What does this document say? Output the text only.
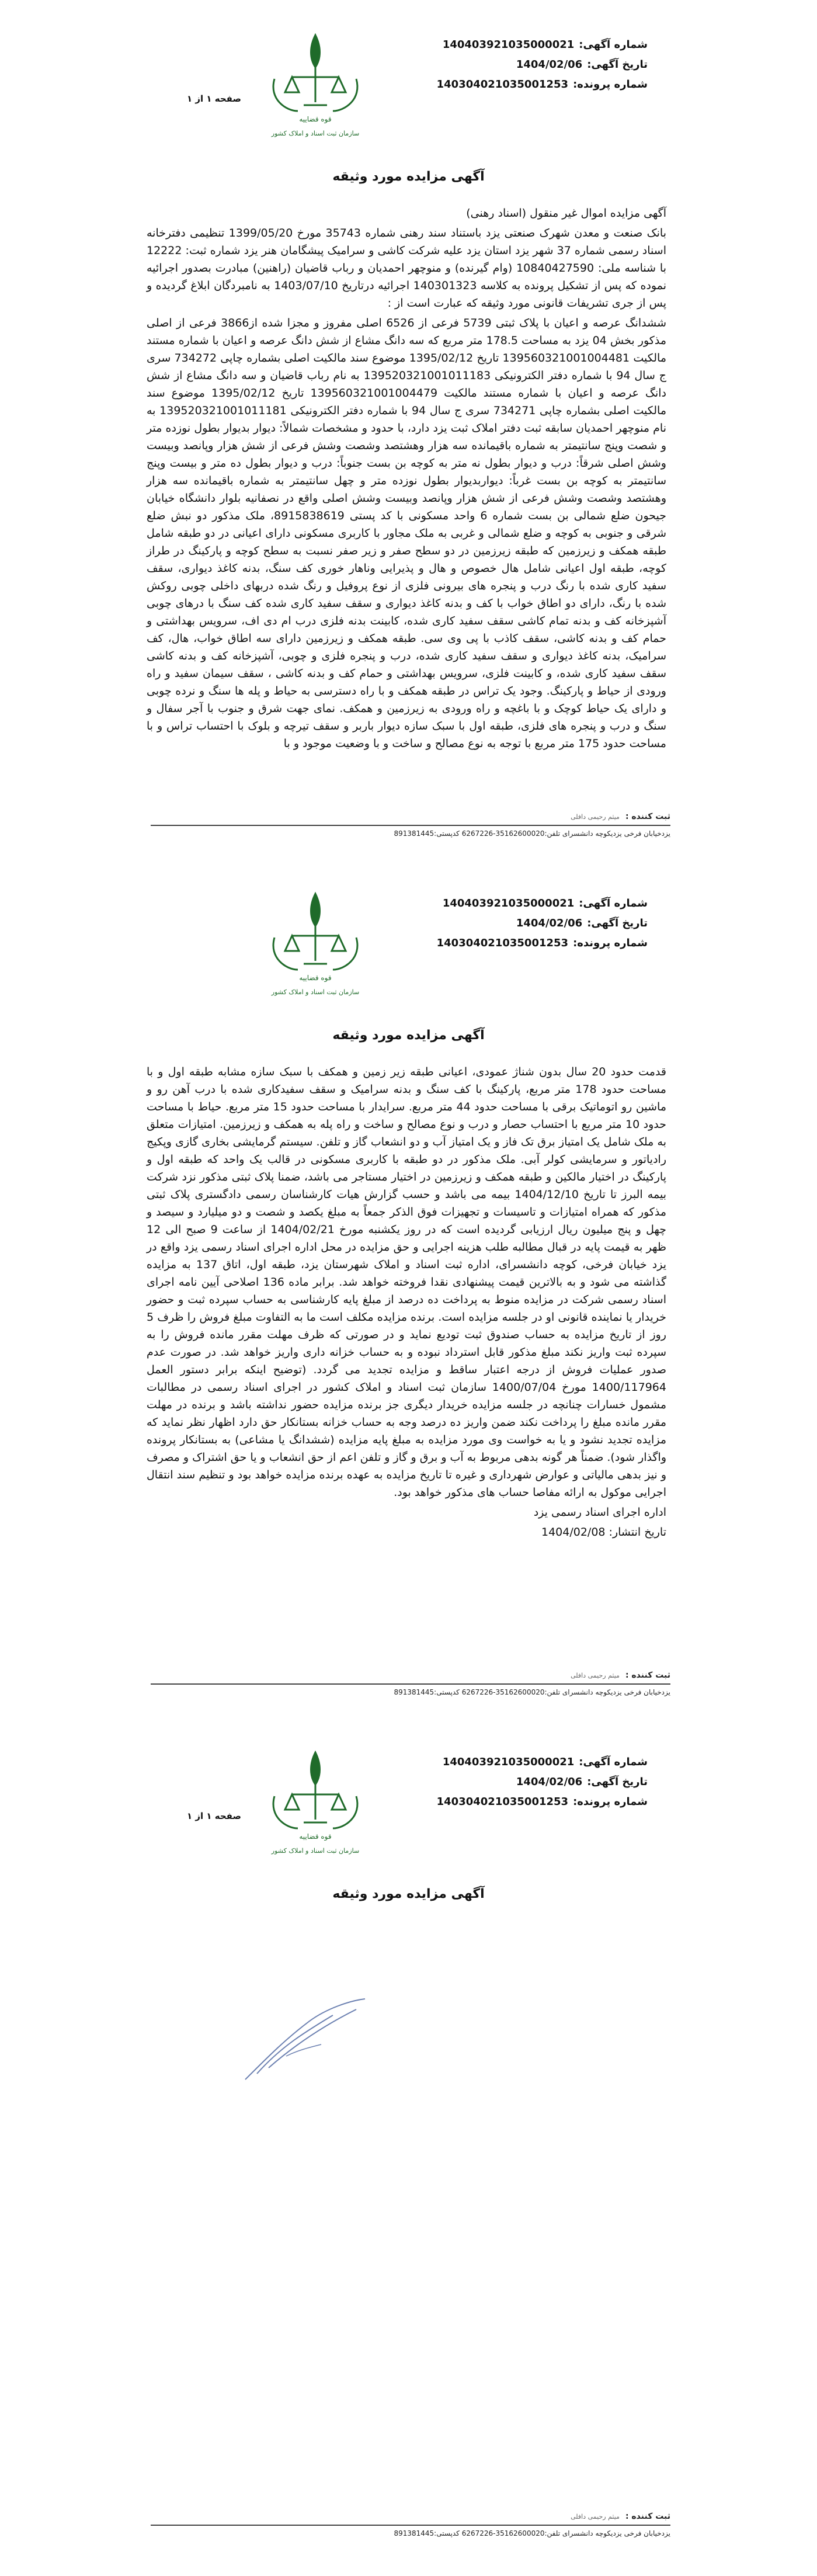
شماره آگهی:140403921035000021
تاریخ آگهی:1404/02/06
شماره پرونده:140304021035001253
قوه قضاییه
سازمان ثبت اسناد و املاک کشور
صفحه ۱ از ۱
آگهی مزایده مورد وثیقه

آگهی مزایده اموال غیر منقول (اسناد رهنی)

بانک صنعت و معدن شهرک صنعتی یزد باستناد سند رهنی شماره 35743 مورخ 1399/05/20 تنظیمی دفترخانه اسناد رسمی شماره 37 شهر یزد استان یزد علیه شرکت کاشی و سرامیک پیشگامان هنر یزد شماره ثبت: 12222 با شناسه ملی: 10840427590 (وام گیرنده) و منوچهر احمدیان و رباب قاضیان (راهنین) مبادرت بصدور اجرائیه نموده که پس از تشکیل پرونده به کلاسه 140301323 اجرائیه درتاریخ 1403/07/10 به نامبردگان ابلاغ گردیده و پس از جری تشریفات قانونی مورد وثیقه که عبارت است از :

ششدانگ عرصه و اعیان با پلاک ثبتی 5739 فرعی از 6526 اصلی مفروز و مجزا شده از3866 فرعی از اصلی مذکور بخش 04 یزد به مساحت 178.5 متر مربع که سه دانگ مشاع از شش دانگ عرصه و اعیان با شماره مستند مالکیت 139560321001004481 تاریخ 1395/02/12 موضوع سند مالکیت اصلی بشماره چاپی 734272 سری ج سال 94 با شماره دفتر الکترونیکی 139520321001011183 به نام رباب قاضیان و سه دانگ مشاع از شش دانگ عرصه و اعیان با شماره مستند مالکیت 139560321001004479 تاریخ 1395/02/12 موضوع سند مالکیت اصلی بشماره چاپی 734271 سری ج سال 94 با شماره دفتر الکترونیکی 139520321001011181 به نام منوچهر احمدیان سابقه ثبت دفتر املاک ثبت یزد دارد، با حدود و مشخصات شمالاً: دیوار بدیوار بطول نوزده متر و شصت وپنج سانتیمتر به شماره باقیمانده سه هزار وهشتصد وشصت وشش فرعی از شش هزار وپانصد وبیست وشش اصلی شرقاً: درب و دیوار بطول نه متر به کوچه بن بست جنوباً: درب و دیوار بطول ده متر و بیست وپنج سانتیمتر به کوچه بن بست غرباً: دیواربدیوار بطول نوزده متر و چهل سانتیمتر به شماره باقیمانده سه هزار وهشتصد وشصت وشش فرعی از شش هزار وپانصد وبیست وشش اصلی واقع در نصفانیه بلوار دانشگاه خیابان جیحون ضلع شمالی بن بست شماره 6 واحد مسکونی با کد پستی 8915838619، ملک مذکور دو نبش ضلع شرقی و جنوبی به کوچه و ضلع شمالی و غربی به ملک مجاور با کاربری مسکونی دارای اعیانی در دو طبقه شامل طبقه همکف و زیرزمین که طبقه زیرزمین در دو سطح صفر و زیر صفر نسبت به سطح کوچه و پارکینگ در طراز کوچه، طبقه اول اعیانی شامل هال خصوص و هال و پذیرایی وناهار خوری کف سنگ، بدنه کاغذ دیواری، سقف سفید کاری شده با رنگ درب و پنجره های بیرونی فلزی از نوع پروفیل و رنگ شده دربهای داخلی چوبی روکش شده با رنگ، دارای دو اطاق خواب با کف و بدنه کاغذ دیواری و سقف سفید کاری شده کف سنگ با درهای چوبی آشپزخانه کف و بدنه تمام کاشی سقف سفید کاری شده، کابینت بدنه فلزی درب ام دی اف، سرویس بهداشتی و حمام کف و بدنه کاشی، سقف کاذب با پی وی سی. طبقه همکف و زیرزمین دارای سه اطاق خواب، هال، کف سرامیک، بدنه کاغذ دیواری و سقف سفید کاری شده، درب و پنجره فلزی و چوبی، آشپزخانه کف و بدنه کاشی سقف سفید کاری شده، و کابینت فلزی، سرویس بهداشتی و حمام کف و بدنه کاشی ، سقف سیمان سفید و راه ورودی از حیاط و پارکینگ. وجود یک تراس در طبقه همکف و با راه دسترسی به حیاط و پله ها سنگ و نرده چوبی و دارای یک حیاط کوچک و با باغچه و راه ورودی به زیرزمین و همکف. نمای جهت شرق و جنوب با آجر سفال و سنگ و درب و پنجره های فلزی، طبقه اول با سبک سازه دیوار باربر و سقف تیرچه و بلوک با احتساب تراس و با مساحت حدود 175 متر مربع با توجه به نوع مصالح و ساخت و با وضعیت موجود و با

ثبت کننده :میثم رحیمی دافلی
یزدخیابان فرخی یزدیکوچه دانشسرای تلفن:35162600020-6267226 کدپستی:891381445
شماره آگهی:140403921035000021
تاریخ آگهی:1404/02/06
شماره پرونده:140304021035001253
قوه قضاییه
سازمان ثبت اسناد و املاک کشور
آگهی مزایده مورد وثیقه

قدمت حدود 20 سال بدون شناژ عمودی، اعیانی طبقه زیر زمین و همکف با سبک سازه مشابه طبقه اول و با مساحت حدود 178 متر مربع، پارکینگ با کف سنگ و بدنه سرامیک و سقف سفیدکاری شده با درب آهن رو و ماشین رو اتوماتیک برقی با مساحت حدود 44 متر مربع. سرایدار با مساحت حدود 15 متر مربع. حیاط با مساحت حدود 10 متر مربع با احتساب حصار و درب و نوع مصالح و ساخت و راه پله به همکف و زیرزمین. امتیازات متعلق به ملک شامل یک امتیاز برق تک فاز و یک امتیاز آب و دو انشعاب گاز و تلفن. سیستم گرمایشی بخاری گازی وپکیج رادیاتور و سرمایشی کولر آبی. ملک مذکور در دو طبقه با کاربری مسکونی در قالب یک واحد که طبقه اول و پارکینگ در اختیار مالکین و طبقه همکف و زیرزمین در اختیار مستاجر می باشد، ضمنا پلاک ثبتی مذکور نزد شرکت بیمه البرز تا تاریخ 1404/12/10 بیمه می باشد و حسب گزارش هیات کارشناسان رسمی دادگستری پلاک ثبتی مذکور که همراه امتیازات و تاسیسات و تجهیزات فوق الذکر جمعاً به مبلغ یکصد و شصت و دو میلیارد و سیصد و چهل و پنج میلیون ریال ارزیابی گردیده است که در روز یکشنبه مورخ 1404/02/21 از ساعت 9 صبح الی 12 ظهر به قیمت پایه در قبال مطالبه طلب هزینه اجرایی و حق مزایده در محل اداره اجرای اسناد رسمی یزد واقع در یزد خیابان فرخی، کوچه دانشسرای، اداره ثبت اسناد و املاک شهرستان یزد، طبقه اول، اتاق 137 به مزایده گذاشته می شود و به بالاترین قیمت پیشنهادی نقدا فروخته خواهد شد. برابر ماده 136 اصلاحی آیین نامه اجرای اسناد رسمی شرکت در مزایده منوط به پرداخت ده درصد از مبلغ پایه کارشناسی به حساب سپرده ثبت و حضور خریدار یا نماینده قانونی او در جلسه مزایده است. برنده مزایده مکلف است ما به التفاوت مبلغ فروش را ظرف 5 روز از تاریخ مزایده به حساب صندوق ثبت تودیع نماید و در صورتی که ظرف مهلت مقرر مانده فروش را به سپرده ثبت واریز نکند مبلغ مذکور قابل استرداد نبوده و به حساب خزانه داری واریز خواهد شد. در صورت عدم صدور عملیات فروش از درجه اعتبار ساقط و مزایده تجدید می گردد. (توضیح اینکه برابر دستور العمل 1400/117964 مورخ 1400/07/04 سازمان ثبت اسناد و املاک کشور در اجرای اسناد رسمی در مطالبات مشمول خسارات چنانچه در جلسه مزایده خریدار دیگری جز برنده مزایده حضور نداشته باشد و برنده در مهلت مقرر مانده مبلغ را پرداخت نکند ضمن واریز ده درصد وجه به حساب خزانه بستانکار حق دارد اظهار نظر نماید که مزایده تجدید نشود و یا به خواست وی مورد مزایده به مبلغ پایه مزایده (ششدانگ یا مشاعی) به بستانکار پرونده واگذار شود). ضمناً هر گونه بدهی مربوط به آب و برق و گاز و تلفن اعم از حق انشعاب و یا حق اشتراک و مصرف و نیز بدهی مالیاتی و عوارض شهرداری و غیره تا تاریخ مزایده به عهده برنده مزایده خواهد بود و تنظیم سند انتقال اجرایی موکول به ارائه مفاصا حساب های مذکور خواهد بود.

اداره اجرای اسناد رسمی یزد

تاریخ انتشار: 1404/02/08

ثبت کننده :میثم رحیمی دافلی
یزدخیابان فرخی یزدیکوچه دانشسرای تلفن:35162600020-6267226 کدپستی:891381445
شماره آگهی:140403921035000021
تاریخ آگهی:1404/02/06
شماره پرونده:140304021035001253
قوه قضاییه
سازمان ثبت اسناد و املاک کشور
صفحه ۱ از ۱
آگهی مزایده مورد وثیقه
ثبت کننده :میثم رحیمی دافلی
یزدخیابان فرخی یزدیکوچه دانشسرای تلفن:35162600020-6267226 کدپستی:891381445
